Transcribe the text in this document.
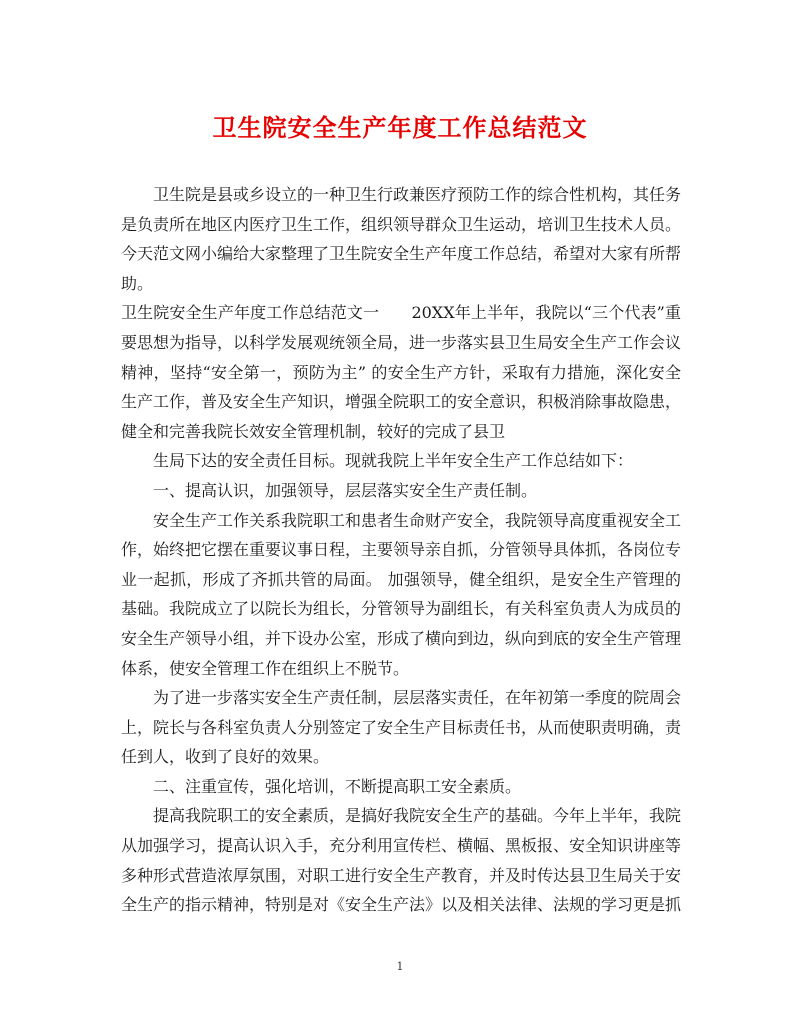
卫生院安全生产年度工作总结范文

卫生院是县或乡设立的一种卫生行政兼医疗预防工作的综合性机构，其任务是负责所在地区内医疗卫生工作，组织领导群众卫生运动，培训卫生技术人员。今天范文网小编给大家整理了卫生院安全生产年度工作总结，希望对大家有所帮助。

卫生院安全生产年度工作总结范文一　　20XX年上半年，我院以“三个代表”重要思想为指导，以科学发展观统领全局，进一步落实县卫生局安全生产工作会议精神，坚持“安全第一，预防为主” 的安全生产方针，采取有力措施，深化安全生产工作，普及安全生产知识，增强全院职工的安全意识，积极消除事故隐患，健全和完善我院长效安全管理机制，较好的完成了县卫

生局下达的安全责任目标。现就我院上半年安全生产工作总结如下：

一、提高认识，加强领导，层层落实安全生产责任制。

安全生产工作关系我院职工和患者生命财产安全，我院领导高度重视安全工作，始终把它摆在重要议事日程，主要领导亲自抓，分管领导具体抓，各岗位专业一起抓，形成了齐抓共管的局面。 加强领导，健全组织，是安全生产管理的基础。我院成立了以院长为组长，分管领导为副组长，有关科室负责人为成员的安全生产领导小组，并下设办公室，形成了横向到边，纵向到底的安全生产管理体系，使安全管理工作在组织上不脱节。

为了进一步落实安全生产责任制，层层落实责任，在年初第一季度的院周会上，院长与各科室负责人分别签定了安全生产目标责任书，从而使职责明确，责任到人，收到了良好的效果。

二、注重宣传，强化培训，不断提高职工安全素质。

提高我院职工的安全素质，是搞好我院安全生产的基础。今年上半年，我院从加强学习，提高认识入手，充分利用宣传栏、横幅、黑板报、安全知识讲座等多种形式营造浓厚氛围，对职工进行安全生产教育，并及时传达县卫生局关于安全生产的指示精神，特别是对《安全生产法》以及相关法律、法规的学习更是抓

1
